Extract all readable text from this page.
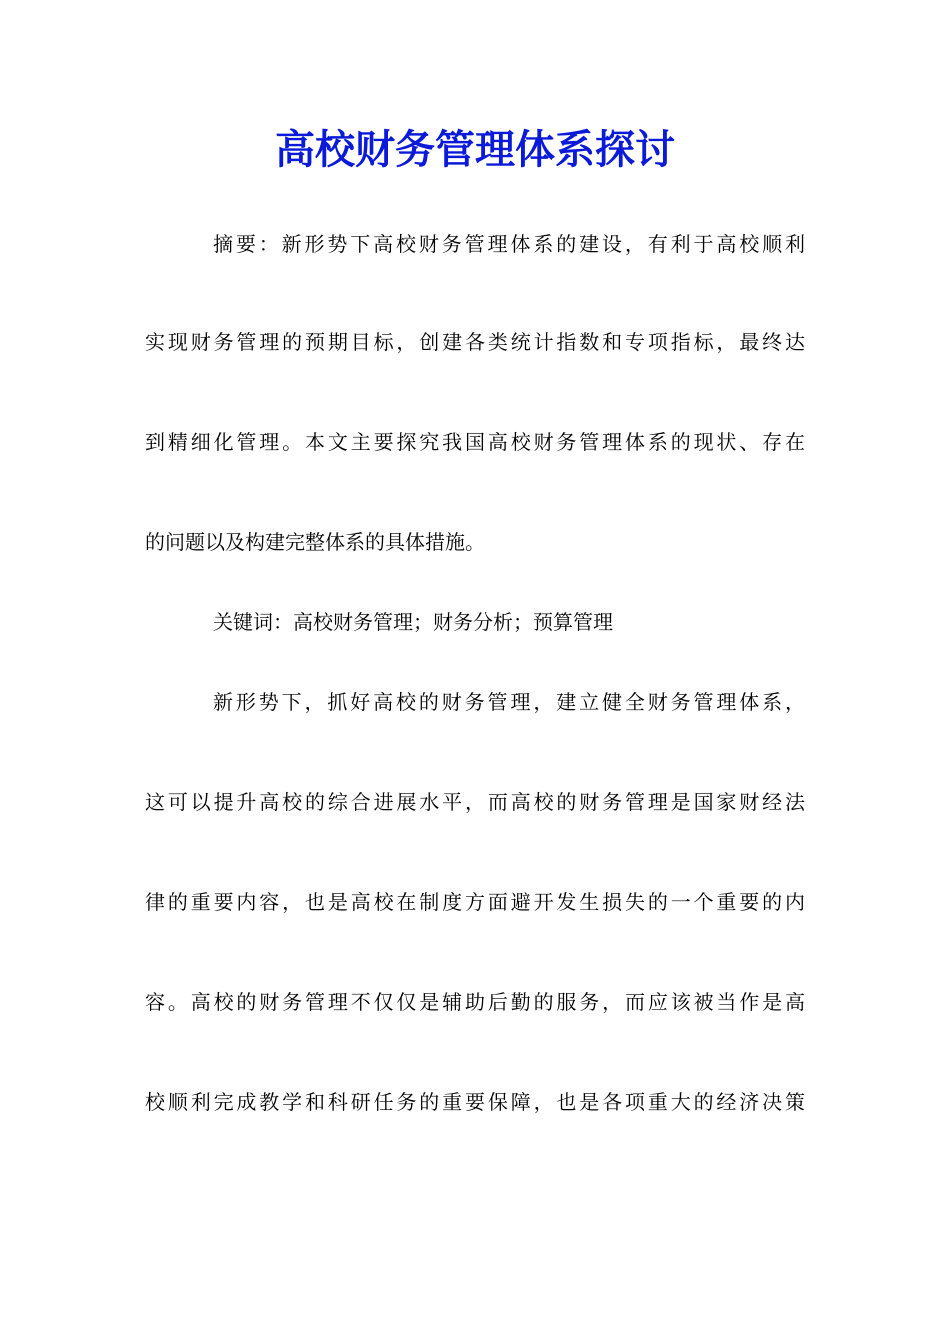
高校财务管理体系探讨

摘要：新形势下高校财务管理体系的建设，有利于高校顺利

实现财务管理的预期目标，创建各类统计指数和专项指标，最终达

到精细化管理。本文主要探究我国高校财务管理体系的现状、存在

的问题以及构建完整体系的具体措施。

关键词：高校财务管理；财务分析；预算管理

新形势下，抓好高校的财务管理，建立健全财务管理体系，

这可以提升高校的综合进展水平，而高校的财务管理是国家财经法

律的重要内容，也是高校在制度方面避开发生损失的一个重要的内

容。高校的财务管理不仅仅是辅助后勤的服务，而应该被当作是高

校顺利完成教学和科研任务的重要保障，也是各项重大的经济决策
